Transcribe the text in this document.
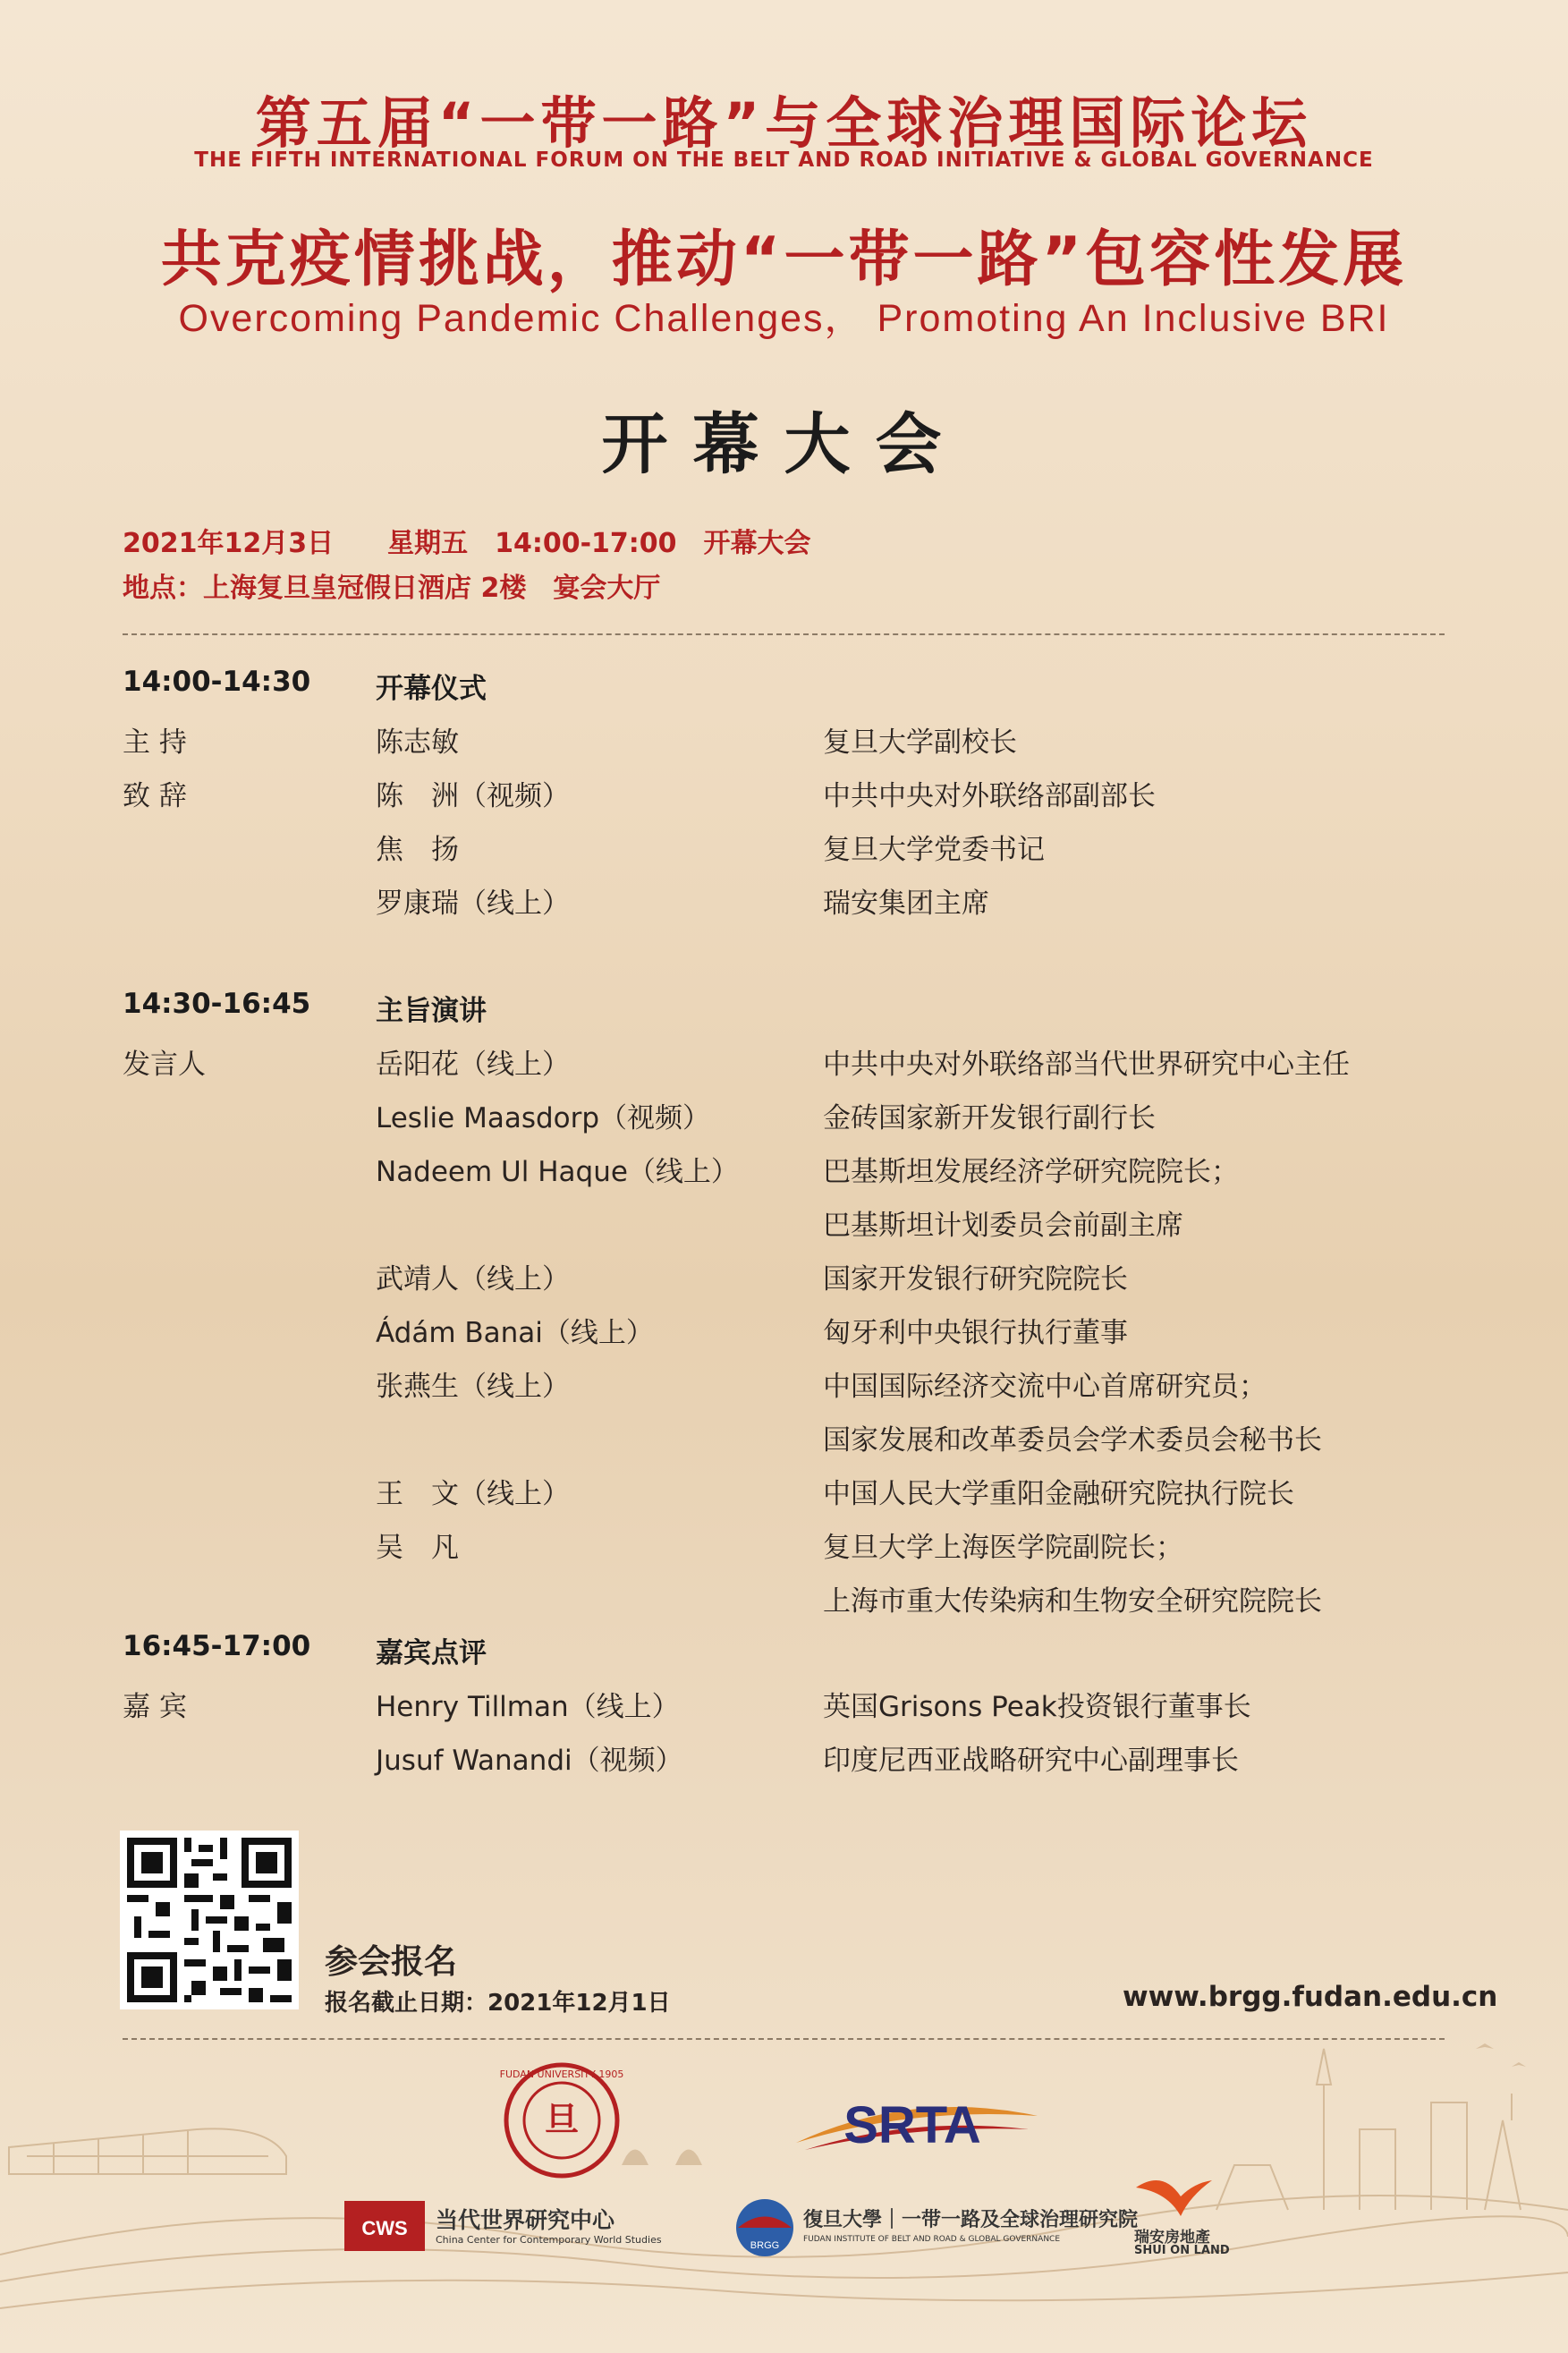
第五届“一带一路”与全球治理国际论坛
THE FIFTH INTERNATIONAL FORUM ON THE BELT AND ROAD INITIATIVE & GLOBAL GOVERNANCE
共克疫情挑战，推动“一带一路”包容性发展
Overcoming Pandemic Challenges， Promoting An Inclusive BRI
开幕大会
2021年12月3日　　星期五　14:00-17:00　开幕大会
地点：上海复旦皇冠假日酒店 2楼　宴会大厅
14:00-14:30 开幕仪式
主 持	陈志敏	复旦大学副校长
致 辞	陈　洲（视频）	中共中央对外联络部副部长
焦　扬	复旦大学党委书记
罗康瑞（线上）	瑞安集团主席
14:30-16:45 主旨演讲
发言人	岳阳花（线上）	中共中央对外联络部当代世界研究中心主任
Leslie Maasdorp（视频）	金砖国家新开发银行副行长
Nadeem Ul Haque（线上）	巴基斯坦发展经济学研究院院长；
巴基斯坦计划委员会前副主席
武靖人（线上）	国家开发银行研究院院长
Ádám Banai（线上）	匈牙利中央银行执行董事
张燕生（线上）	中国国际经济交流中心首席研究员；
国家发展和改革委员会学术委员会秘书长
王　文（线上）	中国人民大学重阳金融研究院执行院长
吴　凡	复旦大学上海医学院副院长；
上海市重大传染病和生物安全研究院院长
16:45-17:00 嘉宾点评
嘉 宾	Henry Tillman（线上）	英国Grisons Peak投资银行董事长
Jusuf Wanandi（视频）	印度尼西亚战略研究中心副理事长
参会报名
报名截止日期：2021年12月1日	www.brgg.fudan.edu.cn
旦
FUDAN UNIVERSITY 1905
SRTA
CWS 当代世界研究中心
China Center for Contemporary World Studies	BRGG
復旦大學｜一带一路及全球治理研究院
FUDAN INSTITUTE OF BELT AND ROAD & GLOBAL GOVERNANCE	瑞安房地產
SHUI ON LAND
